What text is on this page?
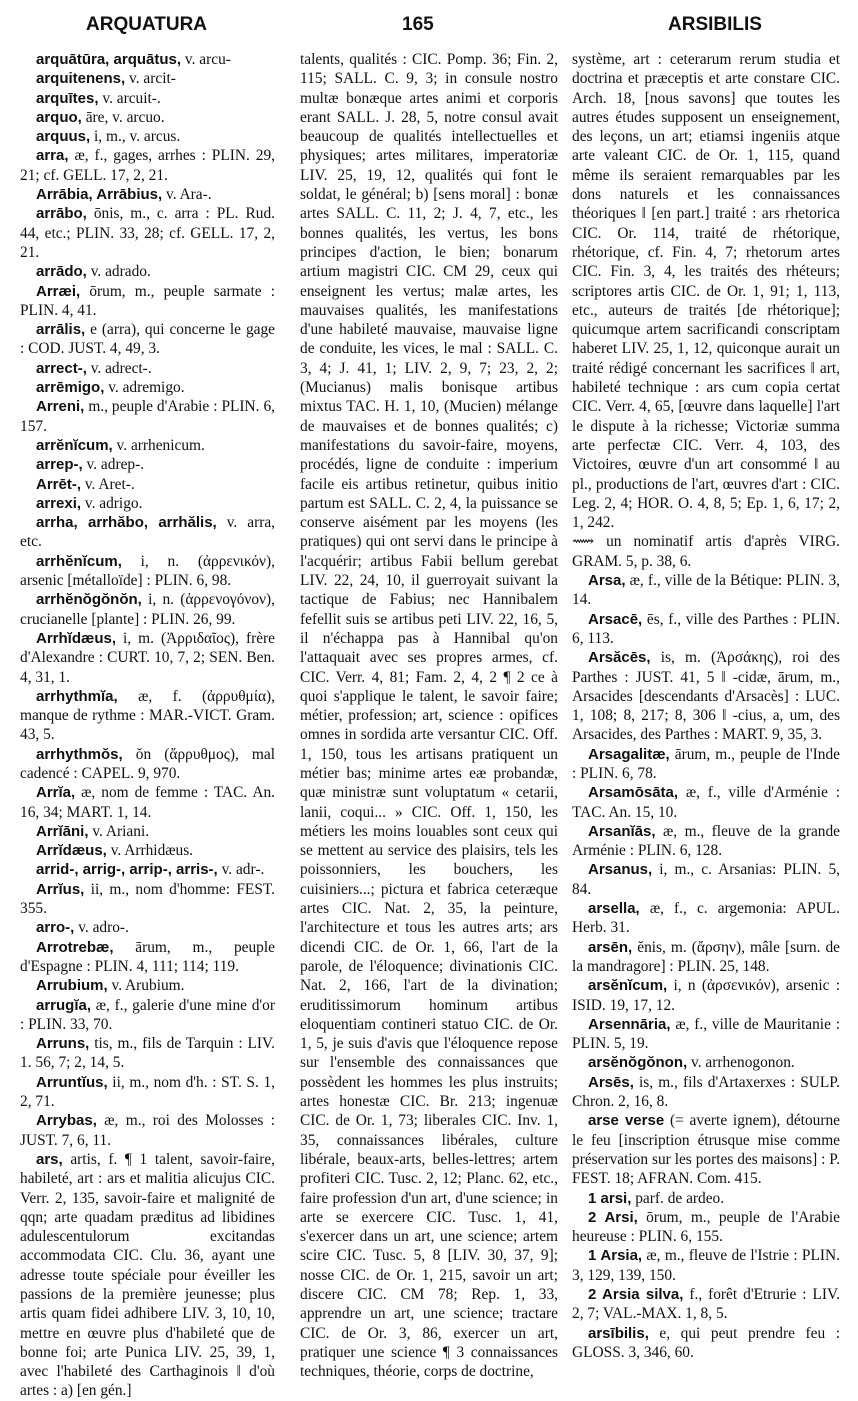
ARQUATURA	165	ARSIBILIS

arquātūra, arquātus, v. arcu-

arquitenens, v. arcit-

arquītes, v. arcuit-.

arquo, āre, v. arcuo.

arquus, i, m., v. arcus.

arra, æ, f., gages, arrhes : PLIN. 29, 21; cf. GELL. 17, 2, 21.

Arrābia, Arrābius, v. Ara-.

arrābo, ōnis, m., c. arra : PL. Rud. 44, etc.; PLIN. 33, 28; cf. GELL. 17, 2, 21.

arrādo, v. adrado.

Arræi, ōrum, m., peuple sarmate : PLIN. 4, 41.

arrālis, e (arra), qui concerne le gage : COD. JUST. 4, 49, 3.

arrect-, v. adrect-.

arrēmigo, v. adremigo.

Arreni, m., peuple d'Arabie : PLIN. 6, 157.

arrĕnĭcum, v. arrhenicum.

arrep-, v. adrep-.

Arrēt-, v. Aret-.

arrexi, v. adrigo.

arrha, arrhăbo, arrhălis, v. arra, etc.

arrhĕnĭcum, i, n. (ἀρρενικόν), arsenic [métalloïde] : PLIN. 6, 98.

arrhĕnŏgŏnŏn, i, n. (ἀρρενογόνον), crucianelle [plante] : PLIN. 26, 99.

Arrhĭdæus, i, m. (Ἀρριδαῖος), frère d'Alexandre : CURT. 10, 7, 2; SEN. Ben. 4, 31, 1.

arrhythmĭa, æ, f. (ἀρρυθμία), manque de rythme : MAR.-VICT. Gram. 43, 5.

arrhythmŏs, ŏn (ἄρρυθμος), mal cadencé : CAPEL. 9, 970.

Arrĭa, æ, nom de femme : TAC. An. 16, 34; MART. 1, 14.

Arrĭāni, v. Ariani.

Arrĭdæus, v. Arrhidæus.

arrid-, arrig-, arrip-, arris-, v. adr-.

Arrĭus, ii, m., nom d'homme: FEST. 355.

arro-, v. adro-.

Arrotrebæ, ārum, m., peuple d'Espagne : PLIN. 4, 111; 114; 119.

Arrubium, v. Arubium.

arrugĭa, æ, f., galerie d'une mine d'or : PLIN. 33, 70.

Arruns, tis, m., fils de Tarquin : LIV. 1. 56, 7; 2, 14, 5.

Arruntĭus, ii, m., nom d'h. : ST. S. 1, 2, 71.

Arrybas, æ, m., roi des Molosses : JUST. 7, 6, 11.

ars, artis, f. ¶ 1 talent, savoir-faire, habileté, art : ars et malitia alicujus CIC. Verr. 2, 135, savoir-faire et malignité de qqn; arte quadam præditus ad libidines adulescentulorum excitandas accommodata CIC. Clu. 36, ayant une adresse toute spéciale pour éveiller les passions de la première jeunesse; plus artis quam fidei adhibere LIV. 3, 10, 10, mettre en œuvre plus d'habileté que de bonne foi; arte Punica LIV. 25, 39, 1, avec l'habileté des Carthaginois ‖ d'où artes : a) [en gén.]

talents, qualités : CIC. Pomp. 36; Fin. 2, 115; SALL. C. 9, 3; in consule nostro multæ bonæque artes animi et corporis erant SALL. J. 28, 5, notre consul avait beaucoup de qualités intellectuelles et physiques; artes militares, imperatoriæ LIV. 25, 19, 12, qualités qui font le soldat, le général; b) [sens moral] : bonæ artes SALL. C. 11, 2; J. 4, 7, etc., les bonnes qualités, les vertus, les bons principes d'action, le bien; bonarum artium magistri CIC. CM 29, ceux qui enseignent les vertus; malæ artes, les mauvaises qualités, les manifestations d'une habileté mauvaise, mauvaise ligne de conduite, les vices, le mal : SALL. C. 3, 4; J. 41, 1; LIV. 2, 9, 7; 23, 2, 2; (Mucianus) malis bonisque artibus mixtus TAC. H. 1, 10, (Mucien) mélange de mauvaises et de bonnes qualités; c) manifestations du savoir-faire, moyens, procédés, ligne de conduite : imperium facile eis artibus retinetur, quibus initio partum est SALL. C. 2, 4, la puissance se conserve aisément par les moyens (les pratiques) qui ont servi dans le principe à l'acquérir; artibus Fabii bellum gerebat LIV. 22, 24, 10, il guerroyait suivant la tactique de Fabius; nec Hannibalem fefellit suis se artibus peti LIV. 22, 16, 5, il n'échappa pas à Hannibal qu'on l'attaquait avec ses propres armes, cf. CIC. Verr. 4, 81; Fam. 2, 4, 2 ¶ 2 ce à quoi s'applique le talent, le savoir faire; métier, profession; art, science : opifices omnes in sordida arte versantur CIC. Off. 1, 150, tous les artisans pratiquent un métier bas; minime artes eæ probandæ, quæ ministræ sunt voluptatum « cetarii, lanii, coqui... » CIC. Off. 1, 150, les métiers les moins louables sont ceux qui se mettent au service des plaisirs, tels les poissonniers, les bouchers, les cuisiniers...; pictura et fabrica ceteræque artes CIC. Nat. 2, 35, la peinture, l'architecture et tous les autres arts; ars dicendi CIC. de Or. 1, 66, l'art de la parole, de l'éloquence; divinationis CIC. Nat. 2, 166, l'art de la divination; eruditissimorum hominum artibus eloquentiam contineri statuo CIC. de Or. 1, 5, je suis d'avis que l'éloquence repose sur l'ensemble des connaissances que possèdent les hommes les plus instruits; artes honestæ CIC. Br. 213; ingenuæ CIC. de Or. 1, 73; liberales CIC. Inv. 1, 35, connaissances libérales, culture libérale, beaux-arts, belles-lettres; artem profiteri CIC. Tusc. 2, 12; Planc. 62, etc., faire profession d'un art, d'une science; in arte se exercere CIC. Tusc. 1, 41, s'exercer dans un art, une science; artem scire CIC. Tusc. 5, 8 [LIV. 30, 37, 9]; nosse CIC. de Or. 1, 215, savoir un art; discere CIC. CM 78; Rep. 1, 33, apprendre un art, une science; tractare CIC. de Or. 3, 86, exercer un art, pratiquer une science ¶ 3 connaissances techniques, théorie, corps de doctrine,

système, art : ceterarum rerum studia et doctrina et præceptis et arte constare CIC. Arch. 18, [nous savons] que toutes les autres études supposent un enseignement, des leçons, un art; etiamsi ingeniis atque arte valeant CIC. de Or. 1, 115, quand même ils seraient remarquables par les dons naturels et les connaissances théoriques ‖ [en part.] traité : ars rhetorica CIC. Or. 114, traité de rhétorique, rhétorique, cf. Fin. 4, 7; rhetorum artes CIC. Fin. 3, 4, les traités des rhéteurs; scriptores artis CIC. de Or. 1, 91; 1, 113, etc., auteurs de traités [de rhétorique]; quicumque artem sacrificandi conscriptam haberet LIV. 25, 1, 12, quiconque aurait un traité rédigé concernant les sacrifices ‖ art, habileté technique : ars cum copia certat CIC. Verr. 4, 65, [œuvre dans laquelle] l'art le dispute à la richesse; Victoriæ summa arte perfectæ CIC. Verr. 4, 103, des Victoires, œuvre d'un art consommé ‖ au pl., productions de l'art, œuvres d'art : CIC. Leg. 2, 4; HOR. O. 4, 8, 5; Ep. 1, 6, 17; 2, 1, 242.

⟿ un nominatif artis d'après VIRG. GRAM. 5, p. 38, 6.

Arsa, æ, f., ville de la Bétique: PLIN. 3, 14.

Arsacē, ēs, f., ville des Parthes : PLIN. 6, 113.

Arsăcēs, is, m. (Ἀρσάκης), roi des Parthes : JUST. 41, 5 ‖ -cidæ, ārum, m., Arsacides [descendants d'Arsacès] : LUC. 1, 108; 8, 217; 8, 306 ‖ -cius, a, um, des Arsacides, des Parthes : MART. 9, 35, 3.

Arsagalitæ, ārum, m., peuple de l'Inde : PLIN. 6, 78.

Arsamōsāta, æ, f., ville d'Arménie : TAC. An. 15, 10.

Arsanĭās, æ, m., fleuve de la grande Arménie : PLIN. 6, 128.

Arsanus, i, m., c. Arsanias: PLIN. 5, 84.

arsella, æ, f., c. argemonia: APUL. Herb. 31.

arsēn, ĕnis, m. (ἄρσην), mâle [surn. de la mandragore] : PLIN. 25, 148.

arsĕnĭcum, i, n (ἀρσενικόν), arsenic : ISID. 19, 17, 12.

Arsennāria, æ, f., ville de Mauritanie : PLIN. 5, 19.

arsĕnŏgŏnon, v. arrhenogonon.

Arsēs, is, m., fils d'Artaxerxes : SULP. Chron. 2, 16, 8.

arse verse (= averte ignem), détourne le feu [inscription étrusque mise comme préservation sur les portes des maisons] : P. FEST. 18; AFRAN. Com. 415.

1 arsi, parf. de ardeo.

2 Arsi, ōrum, m., peuple de l'Arabie heureuse : PLIN. 6, 155.

1 Arsia, æ, m., fleuve de l'Istrie : PLIN. 3, 129, 139, 150.

2 Arsia silva, f., forêt d'Etrurie : LIV. 2, 7; VAL.-MAX. 1, 8, 5.

arsībilis, e, qui peut prendre feu : GLOSS. 3, 346, 60.
